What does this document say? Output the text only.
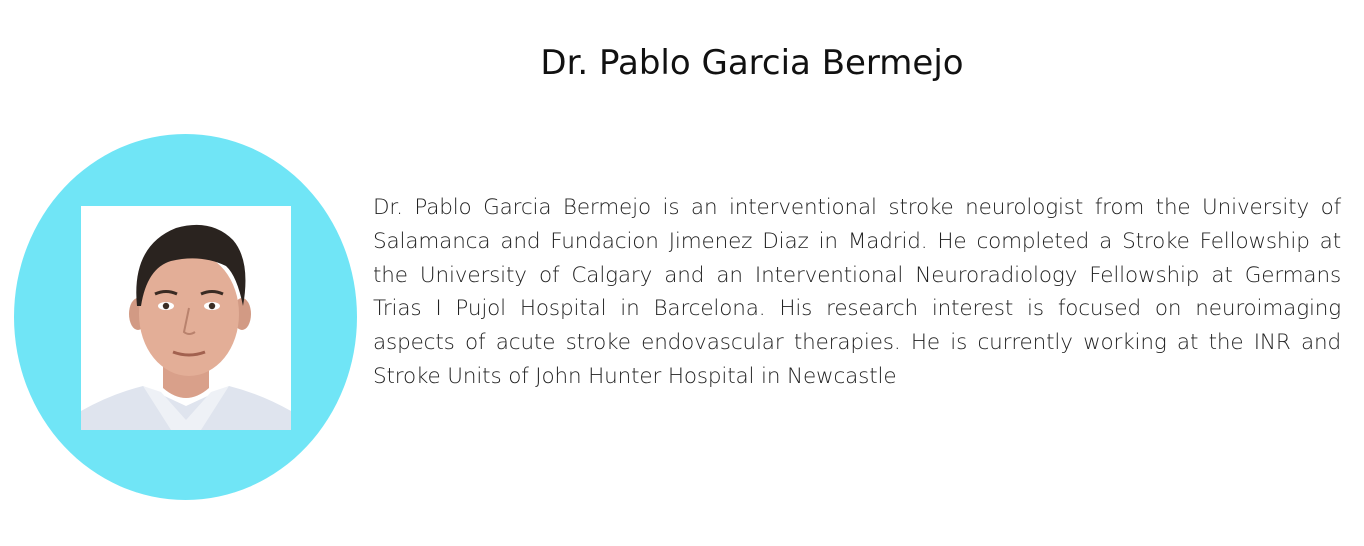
Dr. Pablo Garcia Bermejo

Dr. Pablo Garcia Bermejo is an interventional stroke neurologist from the University of Salamanca and Fundacion Jimenez Diaz in Madrid. He completed a Stroke Fellowship at the University of Calgary and an Interventional Neuroradiology Fellowship at Germans Trias I Pujol Hospital in Barcelona. His research interest is focused on neuroimaging aspects of acute stroke endovascular therapies. He is currently working at the INR and Stroke Units of John Hunter Hospital in Newcastle
